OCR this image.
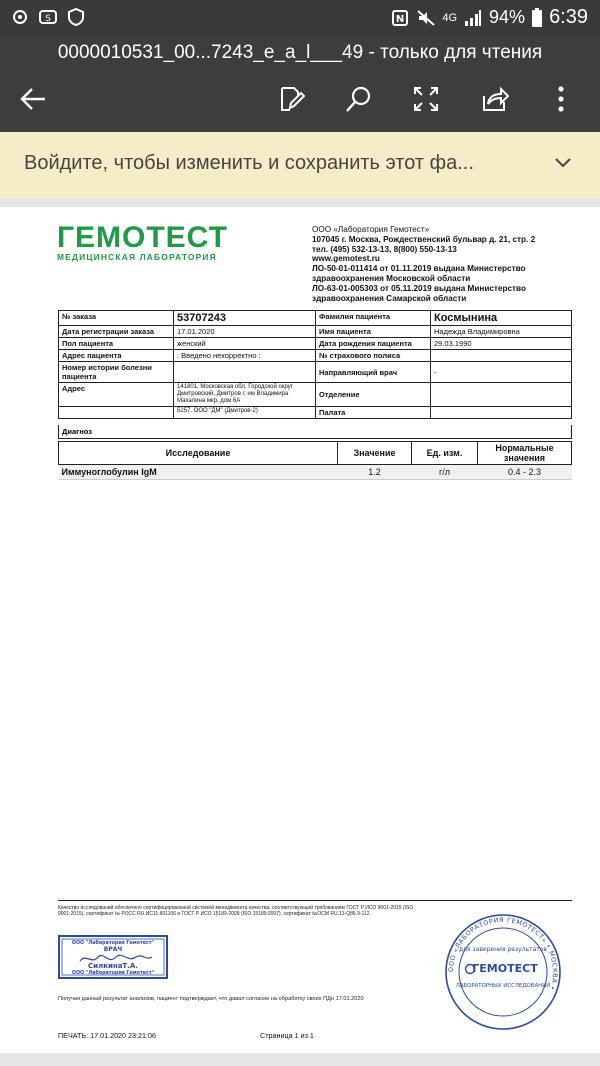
S	N	4G 94% 6:39
0000010531_00...7243_e_a_l___49 - только для чтения
Войдите, чтобы изменить и сохранить этот фа...
ГЕМОТЕСТ
МЕДИЦИНСКАЯ ЛАБОРАТОРИЯ
ООО «Лаборатория Гемотест»
107045 г. Москва, Рождественский бульвар д. 21, стр. 2
тел. (495) 532-13-13, 8(800) 550-13-13
www.gemotest.ru
ЛО-50-01-011414 от 01.11.2019 выдана Министерство здравоохранения Московской области
ЛО-63-01-005303 от 05.11.2019 выдана Министерство здравоохранения Самарской области
№ заказа	53707243	Фамилия пациента	Космынина
Дата регистрации заказа	17.01.2020	Имя пациента	Надежда Владимировна
Пол пациента	женский	Дата рождения пациента	29.03.1990
Адрес пациента	: Введено некорректно :	№ страхового полиса	
Номер истории болезни пациента		Направляющий врач	-
Адрес	141801, Московская обл, Городской округ Дмитровский, Дмитров г, им Владимира Махалина мкр, дом 6А	Отделение	
	5257. ООО "ДМ" (Дмитров-2)	Палата	
Диагноз
Исследование	Значение	Ед. изм.	Нормальные значения
Иммуноглобулин IgM	1.2	г/л	0.4 - 2.3
Качество исследований обеспечено сертифицированной системой менеджмента качества, соответствующей требованиям ГОСТ Р ИСО 9001-2015 (ISO 9001:2015), сертификат № РОСС RU.ИС11.К01106 и ГОСТ Р ИСО 15189-2009 (ISO 15189:2007), сертификат №ОСМ RU.13-Q86.9-112.
ООО "Лаборатория Гемотест"
ВРАЧ
СилкинаТ.А.
ООО "Лаборатория Гемотест"
ООО «ЛАБОРАТОРИЯ ГЕМОТЕСТ» • МОСКВА •
для заверения результатов
ГЕМОТЕСТ
ЛАБОРАТОРНЫХ ИССЛЕДОВАНИЙ
Получая данный результат анализов, пациент подтверждает, что давал согласие на обработку своих ПДн 17.01.2020
ПЕЧАТЬ: 17.01.2020 23:21:06	Страница 1 из 1
